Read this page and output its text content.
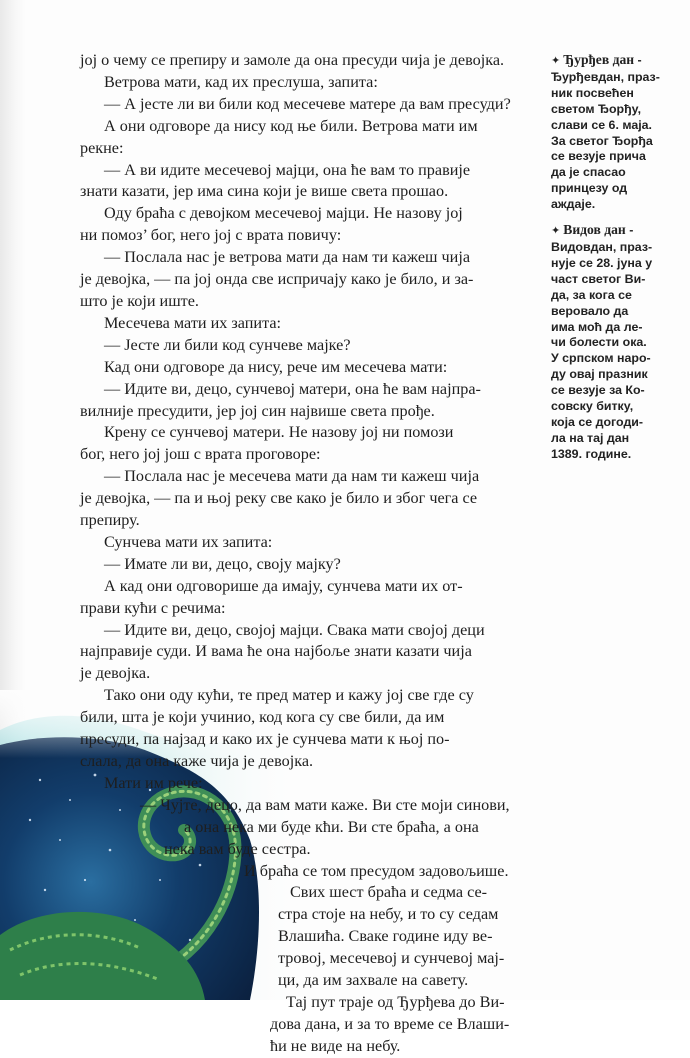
јој о чему се препиру и замоле да она пресуди чија је девојка.
Ветрова мати, кад их преслуша, запита:
— А јесте ли ви били код месечеве матере да вам пресуди?
А они одговоре да нису код ње били. Ветрова мати им
рекне:
— А ви идите месечевој мајци, она ће вам то правије
знати казати, јер има сина који је више света прошао.
Оду браћа с девојком месечевој мајци. Не назову јој
ни помоз’ бог, него јој с врата повичу:
— Послала нас је ветрова мати да нам ти кажеш чија
је девојка, — па јој онда све испричају како је било, и за-
што је који иште.
Месечева мати их запита:
— Јесте ли били код сунчеве мајке?
Кад они одговоре да нису, рече им месечева мати:
— Идите ви, децо, сунчевој матери, она ће вам најпра-
вилније пресудити, јер јој син највише света прође.
Крену се сунчевој матери. Не назову јој ни помози
бог, него јој још с врата проговоре:
— Послала нас је месечева мати да нам ти кажеш чија
је девојка, — па и њој реку све како је било и због чега се
препиру.
Сунчева мати их запита:
— Имате ли ви, децо, своју мајку?
А кад они одговорише да имају, сунчева мати их от-
прави кући с речима:
— Идите ви, децо, својој мајци. Свака мати својој деци
најправије суди. И вама ће она најбоље знати казати чија
је девојка.
Тако они оду кући, те пред матер и кажу јој све где су
били, шта је који учинио, код кога су све били, да им
пресуди, па најзад и како их је сунчева мати к њој по-
слала, да она каже чија је девојка.
Мати им рече:
— Чујте, децо, да вам мати каже. Ви сте моји синови,
а она нека ми буде кћи. Ви сте браћа, а она
нека вам буде сестра.
И браћа се том пресудом задовољише.
Свих шест браћа и седма се-
стра стоје на небу, и то су седам
Влашића. Сваке године иду ве-
тровој, месечевој и сунчевој мај-
ци, да им захвале на савету.
Тај пут траје од Ђурђева до Ви-
дова дана, и за то време се Влаши-
ћи не виде на небу.
✦ Ђурђев дан -
Ђурђевдан, праз-
ник посвећен
светом Ђорђу,
слави се 6. маја.
За светог Ђорђа
се везује прича
да је спасао
принцезу од
аждаје.
✦ Видов дан -
Видовдан, праз-
нује се 28. јуна у
част светог Ви-
да, за кога се
веровало да
има моћ да ле-
чи болести ока.
У српском наро-
ду овај празник
се везује за Ко-
совску битку,
која се догоди-
ла на тај дан
1389. године.
